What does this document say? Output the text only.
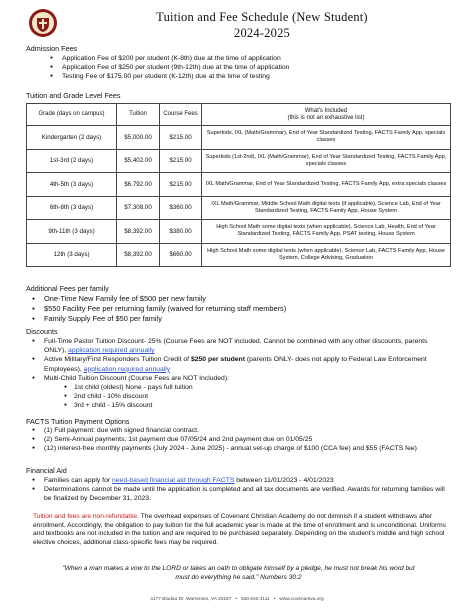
Tuition and Fee Schedule (New Student)
2024-2025
Admission Fees
● Application Fee of $200 per student (K-8th) due at the time of application
● Application Fee of $250 per student (9th-12th) due at the time of application
● Testing Fee of $175.00 per student (K-12th) due at the time of testing
Tuition and Grade Level Fees
Grade (days on campus)	Tuition	Course Fees	What's Included
(this is not an exhaustive list)

Kindergarten (2 days)	$5,000.00	$215.00	Superkids, IXL (Math/Grammar), End of Year Standardized Testing, FACTS Family App, specials classes
1st-3rd (2 days)	$5,402.00	$215.00	Superkids (1st-2nd), IXL (Math/Grammar), End of Year Standardized Testing, FACTS Family App, specials classes
4th-5th (3 days)	$6,792.00	$215.00	IXL Math/Grammar, End of Year Standardized Testing, FACTS Family App, extra specials classes
6th-8th (3 days)	$7,308.00	$360.00	IXL Math/Grammar, Middle School Math digital texts (if applicable), Science Lab, End of Year Standardized Testing, FACTS Family App, House System
9th-11th (3 days)	$8,392.00	$380.00	High School Math some digital texts (when applicable), Science Lab, Health, End of Year Standardized Testing, FACTS Family App, PSAT testing, House System
12th (3 days)	$8,392.00	$660.00	High School Math some digital texts (when applicable), Science Lab, FACTS Family App, House System, College Advising, Graduation
Additional Fees per family
● One-Time New Family fee of $500 per new family
● $550 Facility Fee per returning family (waived for returning staff members)
● Family Supply Fee of $50 per family
Discounts
● Full-Time Pastor Tuition Discount- 25% (Course Fees are NOT included. Cannot be combined with any other discounts, parents ONLY), application required annually
● Active Military/First Responders Tuition Credit of $250 per student (parents ONLY- does not apply to Federal Law Enforcement Employees), application required annually
● Multi-Child Tuition Discount (Course Fees are NOT Included):
● 1st child (oldest) None - pays full tuition
● 2nd child - 10% discount
● 3rd + child - 15% discount
FACTS Tuition Payment Options
● (1) Full payment: due with signed financial contract.
● (2) Semi-Annual payments: 1st payment due 07/05/24 and 2nd payment due on 01/05/25
● (12) interest-free monthly payments (July 2024 - June 2025) - annual set-up charge of $100 (CCA fee) and $55 (FACTS fee)
Financial Aid
● Families can apply for need-based financial aid through FACTS between 11/01/2023 - 4/01/2023
● Determinations cannot be made until the application is completed and all tax documents are verified. Awards for returning families will be finalized by December 31, 2023.
Tuition and fees are non-refundable. The overhead expenses of Covenant Christian Academy do not diminish if a student withdraws after enrollment. Accordingly, the obligation to pay tuition for the full academic year is made at the time of enrollment and is unconditional. Uniforms and textbooks are not included in the tuition and are required to be purchased separately. Depending on the student's middle and high school elective choices, additional class-specific fees may be required.
"When a man makes a vow to the LORD or takes an oath to obligate himself by a pledge, he must not break his word but
must do everything he said." Numbers 30:2
4177 Bludau Dr. Warrenton, VA 20187   •   540.640.4111   •   www.covenantva.org
